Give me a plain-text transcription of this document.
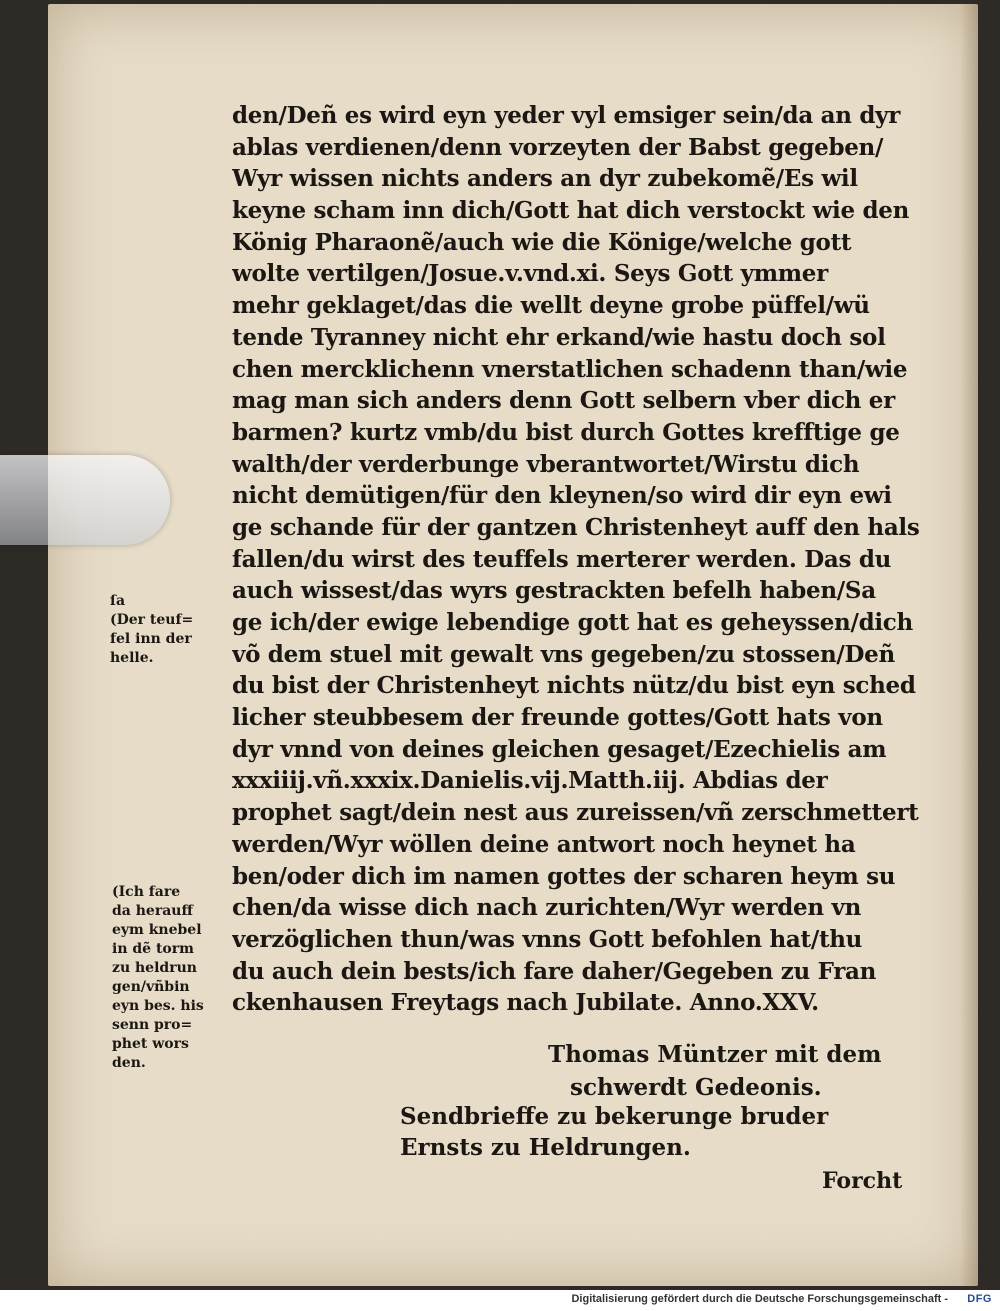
den/Deñ es wird eyn yeder vyl emsiger sein/da an dyr
ablas verdienen/denn vorzeyten der Babst gegeben/
Wyr wissen nichts anders an dyr zubekomẽ/Es wil
keyne scham inn dich/Gott hat dich verstockt wie den
König Pharaonẽ/auch wie die Könige/welche gott
wolte vertilgen/Josue.v.vnd.xi. Seys Gott ymmer
mehr geklaget/das die wellt deyne grobe püffel/wü
tende Tyranney nicht ehr erkand/wie hastu doch sol
chen mercklichenn vnerstatlichen schadenn than/wie
mag man sich anders denn Gott selbern vber dich er
barmen? kurtz vmb/du bist durch Gottes krefftige ge
walth/der verderbunge vberantwortet/Wirstu dich
nicht demütigen/für den kleynen/so wird dir eyn ewi
ge schande für der gantzen Christenheyt auff den hals
fallen/du wirst des teuffels merterer werden. Das du
auch wissest/das wyrs gestrackten befelh haben/Sa
ge ich/der ewige lebendige gott hat es geheyssen/dich
võ dem stuel mit gewalt vns gegeben/zu stossen/Deñ
du bist der Christenheyt nichts nütz/du bist eyn sched
licher steubbesem der freunde gottes/Gott hats von
dyr vnnd von deines gleichen gesaget/Ezechielis am
xxxiiij.vñ.xxxix.Danielis.vij.Matth.iij. Abdias der
prophet sagt/dein nest aus zureissen/vñ zerschmettert
werden/Wyr wöllen deine antwort noch heynet ha
ben/oder dich im namen gottes der scharen heym su
chen/da wisse dich nach zurichten/Wyr werden vn
verzöglichen thun/was vnns Gott befohlen hat/thu
du auch dein bests/ich fare daher/Gegeben zu Fran
ckenhausen Freytags nach Jubilate. Anno.XXV.
ſa
(Der teuf=
fel inn der
helle.
(Ich fare
da herauff
eym knebel
in dẽ torm
zu heldrun
gen/vñbin
eyn bes. his
senn pro=
phet wors
den.	Thomas Müntzer mit dem
schwerdt Gedeonis.
Sendbrieffe zu bekerunge bruder
Ernsts zu Heldrungen.
Forcht
Digitalisierung gefördert durch die Deutsche Forschungsgemeinschaft - DFG
